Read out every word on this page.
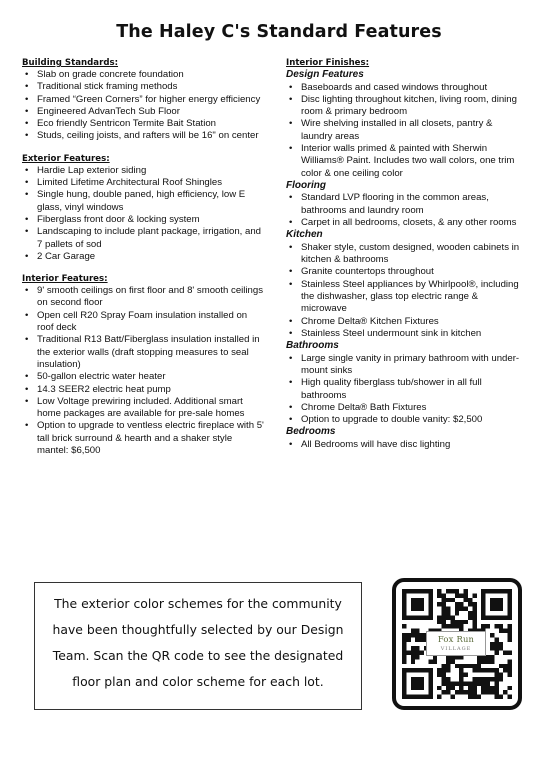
The Haley C's Standard Features
Building Standards:
• Slab on grade concrete foundation
• Traditional stick framing methods
• Framed “Green Corners” for higher energy efficiency
• Engineered AdvanTech Sub Floor
• Eco friendly Sentricon Termite Bait Station
• Studs, ceiling joists, and rafters will be 16" on center
Exterior Features:
• Hardie Lap exterior siding
• Limited Lifetime Architectural Roof Shingles
• Single hung, double paned, high efficiency, low E glass, vinyl windows
• Fiberglass front door & locking system
• Landscaping to include plant package, irrigation, and 7 pallets of sod
• 2 Car Garage
Interior Features:
• 9' smooth ceilings on first floor and 8' smooth ceilings on second floor
• Open cell R20 Spray Foam insulation installed on roof deck
• Traditional R13 Batt/Fiberglass insulation installed in the exterior walls (draft stopping measures to seal insulation)
• 50-gallon electric water heater
• 14.3 SEER2 electric heat pump
• Low Voltage prewiring included. Additional smart home packages are available for pre-sale homes
• Option to upgrade to ventless electric fireplace with 5' tall brick surround & hearth and a shaker style mantel: $6,500
Interior Finishes:
Design Features
• Baseboards and cased windows throughout
• Disc lighting throughout kitchen, living room, dining room & primary bedroom
• Wire shelving installed in all closets, pantry & laundry areas
• Interior walls primed & painted with Sherwin Williams® Paint. Includes two wall colors, one trim color & one ceiling color
Flooring
• Standard LVP flooring in the common areas, bathrooms and laundry room
• Carpet in all bedrooms, closets, & any other rooms
Kitchen
• Shaker style, custom designed, wooden cabinets in kitchen & bathrooms
• Granite countertops throughout
• Stainless Steel appliances by Whirlpool®, including the dishwasher, glass top electric range & microwave
• Chrome Delta® Kitchen Fixtures
• Stainless Steel undermount sink in kitchen
Bathrooms
• Large single vanity in primary bathroom with under-mount sinks
• High quality fiberglass tub/shower in all full bathrooms
• Chrome Delta® Bath Fixtures
• Option to upgrade to double vanity: $2,500
Bedrooms
• All Bedrooms will have disc lighting
The exterior color schemes for the community have been thoughtfully selected by our Design Team. Scan the QR code to see the designated floor plan and color scheme for each lot.
Fox Run
VILLAGE
